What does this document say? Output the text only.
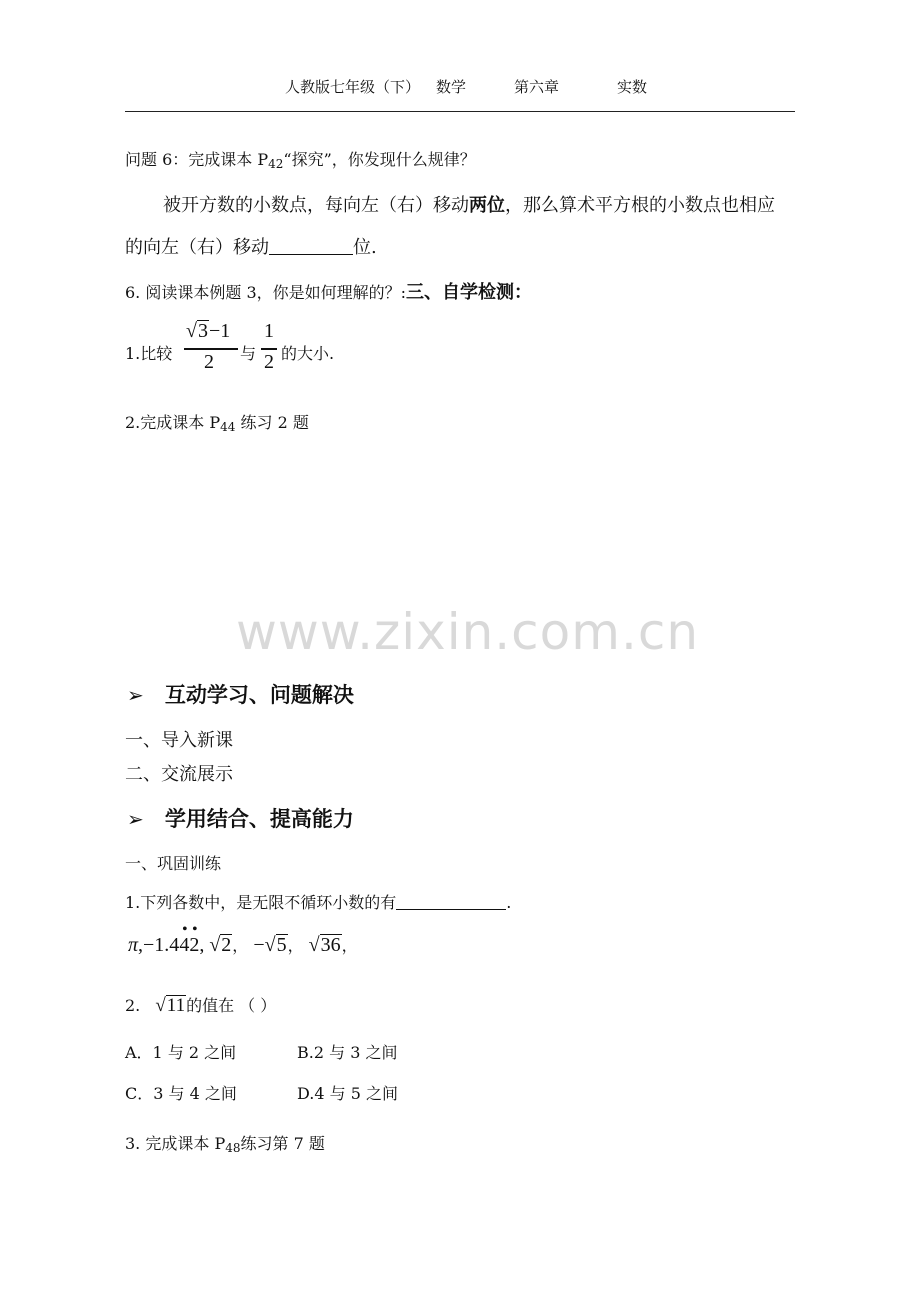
人教版七年级（下） 数学	第六章	实数
问题 6：完成课本 $P_{42}“$探究”，你发现什么规律？
被开方数的小数点，每向左（右）移动两位，那么算术平方根的小数点也相应
的向左（右）移动	位.
6. 阅读课本例题 3，你是如何理解的？:三、自学检测：
1.比较
√3−1
2 与
1
2 的大小.
2.完成课本 $P_{44}$ 练习 2 题
www.zixin.com.cn
➢ 互动学习、问题解决
一、导入新课
二、交流展示
➢ 学用结合、提高能力
一、巩固训练
1.下列各数中，是无限不循环小数的有	.
π,−1.4
•
4
•
2, √2， −√5， √36，
2. √11的值在 （ ）
A．1 与 2 之间	B.2 与 3 之间
C．3 与 4 之间	D.4 与 5 之间
3. 完成课本 $P_{48}$练习第 7 题
